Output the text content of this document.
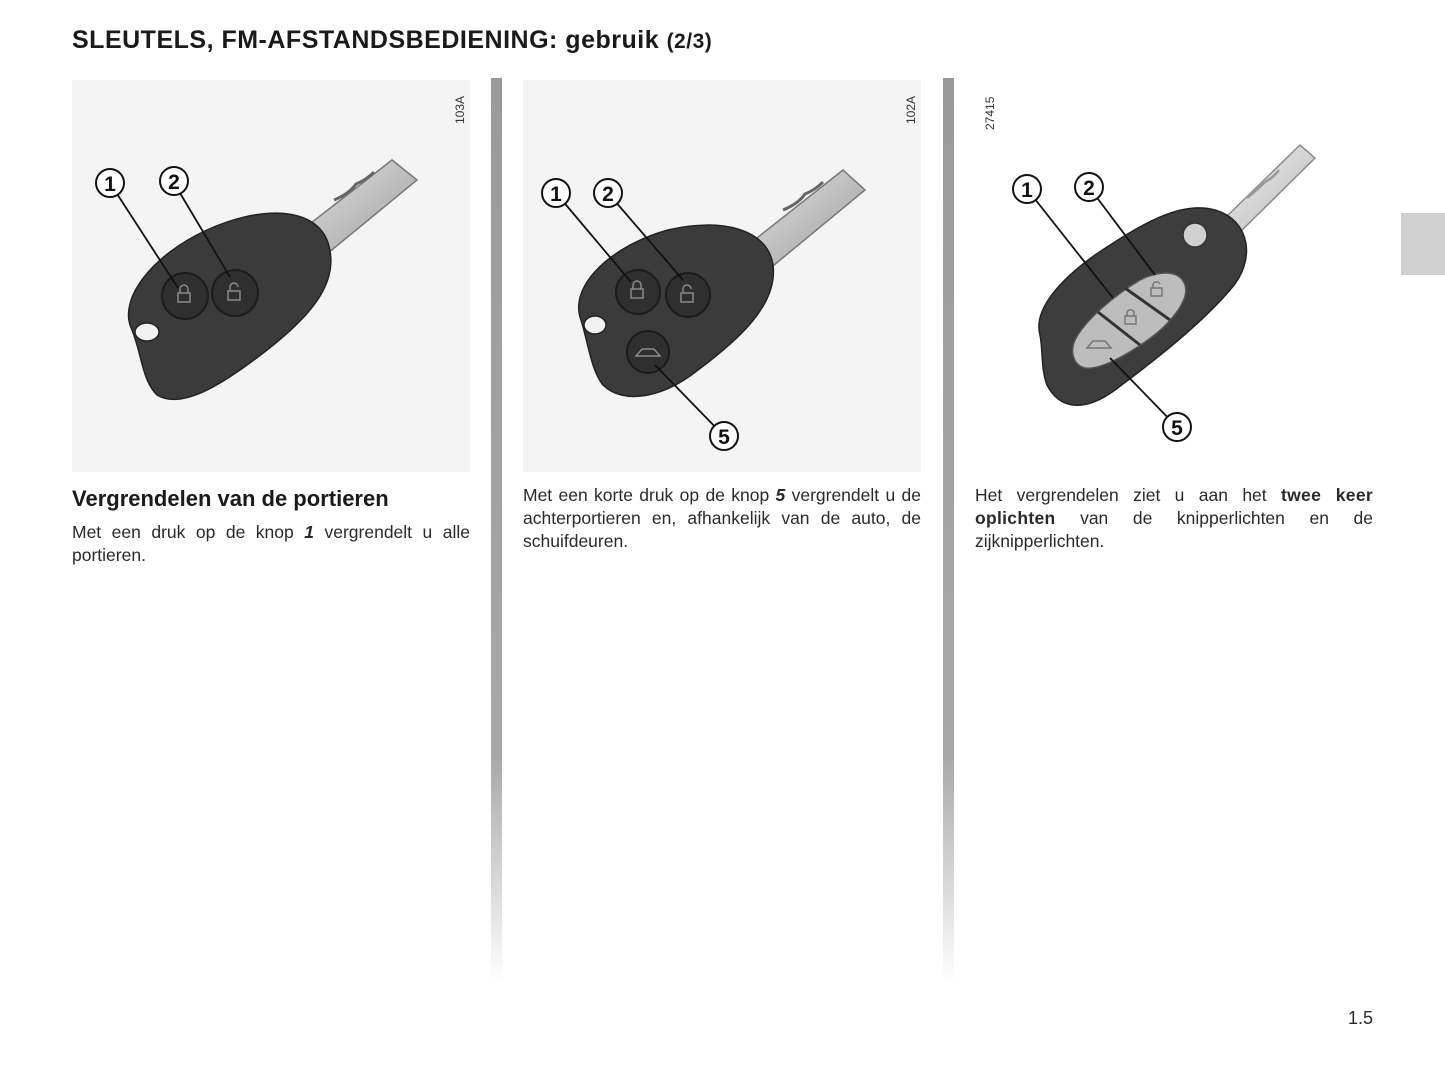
SLEUTELS, FM-AFSTANDSBEDIENING: gebruik (2/3)
1 2
103A
Vergrendelen van de portieren

Met een druk op de knop 1 vergrendelt u alle portieren.

1 2
5
102A

Met een korte druk op de knop 5 vergrendelt u de achterportieren en, afhankelijk van de auto, de schuifdeuren.

1 2
5
27415

Het vergrendelen ziet u aan het twee keer oplichten van de knipperlichten en de zijknipperlichten.

1.5
